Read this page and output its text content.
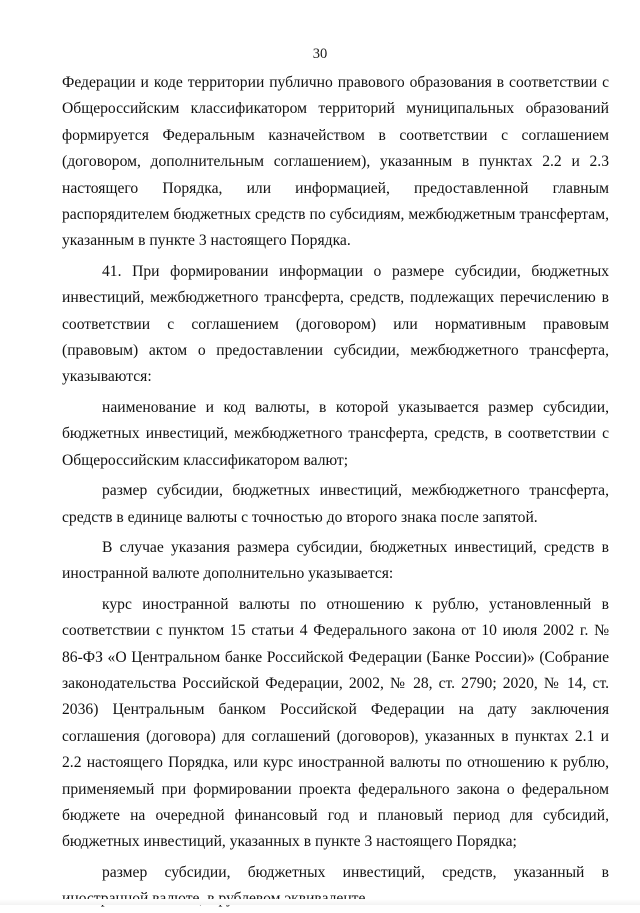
30

Федерации и коде территории публично правового образования в соответствии с Общероссийским классификатором территорий муниципальных образований формируется Федеральным казначейством в соответствии с соглашением (договором, дополнительным соглашением), указанным в пунктах 2.2 и 2.3 настоящего Порядка, или информацией, предоставленной главным распорядителем бюджетных средств по субсидиям, межбюджетным трансфертам, указанным в пункте 3 настоящего Порядка.

41. При формировании информации о размере субсидии, бюджетных инвестиций, межбюджетного трансферта, средств, подлежащих перечислению в соответствии с соглашением (договором) или нормативным правовым (правовым) актом о предоставлении субсидии, межбюджетного трансферта, указываются:

наименование и код валюты, в которой указывается размер субсидии, бюджетных инвестиций, межбюджетного трансферта, средств, в соответствии с Общероссийским классификатором валют;

размер субсидии, бюджетных инвестиций, межбюджетного трансферта, средств в единице валюты с точностью до второго знака после запятой.

В случае указания размера субсидии, бюджетных инвестиций, средств в иностранной валюте дополнительно указывается:

курс иностранной валюты по отношению к рублю, установленный в соответствии с пунктом 15 статьи 4 Федерального закона от 10 июля 2002 г. № 86-ФЗ «О Центральном банке Российской Федерации (Банке России)» (Собрание законодательства Российской Федерации, 2002, № 28, ст. 2790; 2020, № 14, ст. 2036) Центральным банком Российской Федерации на дату заключения соглашения (договора) для соглашений (договоров), указанных в пунктах 2.1 и 2.2 настоящего Порядка, или курс иностранной валюты по отношению к рублю, применяемый при формировании проекта федерального закона о федеральном бюджете на очередной финансовый год и плановый период для субсидий, бюджетных инвестиций, указанных в пункте 3 настоящего Порядка;

размер субсидии, бюджетных инвестиций, средств, указанный в
